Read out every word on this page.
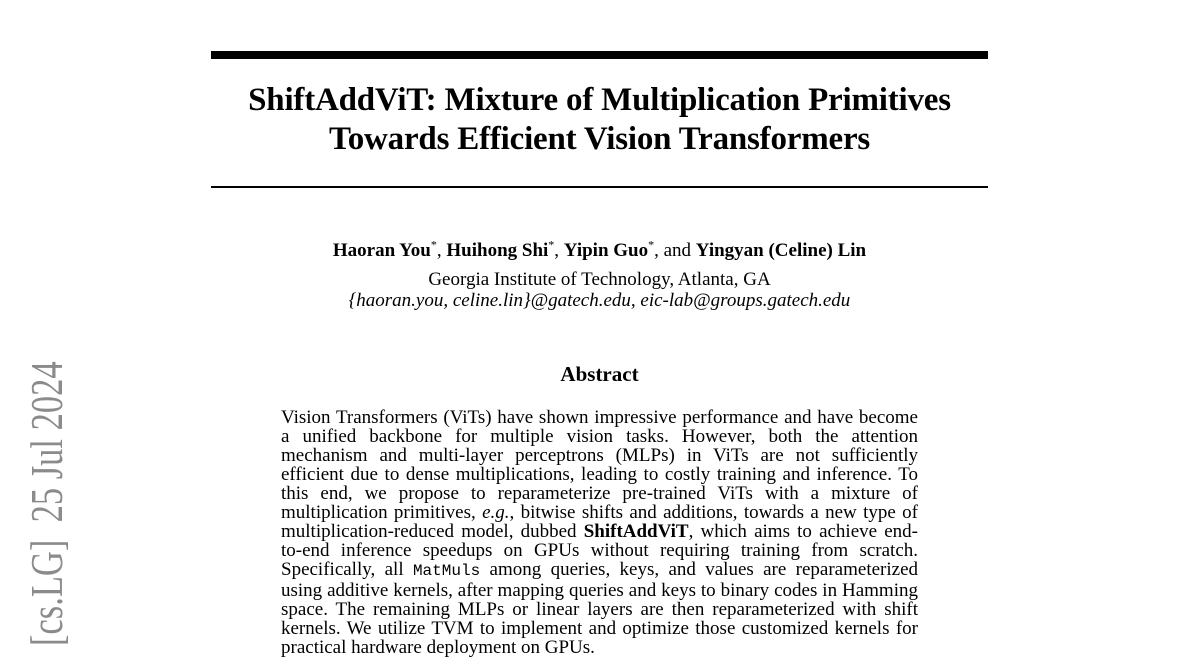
[cs.LG]  25 Jul 2024
ShiftAddViT: Mixture of Multiplication Primitives
Towards Efficient Vision Transformers
Haoran You*, Huihong Shi*, Yipin Guo*, and Yingyan (Celine) Lin
Georgia Institute of Technology, Atlanta, GA
{haoran.you, celine.lin}@gatech.edu, eic-lab@groups.gatech.edu
Abstract
Vision Transformers (ViTs) have shown impressive performance and have become a unified backbone for multiple vision tasks. However, both the attention mechanism and multi-layer perceptrons (MLPs) in ViTs are not sufficiently efficient due to dense multiplications, leading to costly training and inference. To this end, we propose to reparameterize pre-trained ViTs with a mixture of multiplication primitives, e.g., bitwise shifts and additions, towards a new type of multiplication-reduced model, dubbed ShiftAddViT, which aims to achieve end-to-end inference speedups on GPUs without requiring training from scratch. Specifically, all MatMuls among queries, keys, and values are reparameterized using additive kernels, after mapping queries and keys to binary codes in Hamming space. The remaining MLPs or linear layers are then reparameterized with shift kernels. We utilize TVM to implement and optimize those customized kernels for practical hardware deployment on GPUs.
